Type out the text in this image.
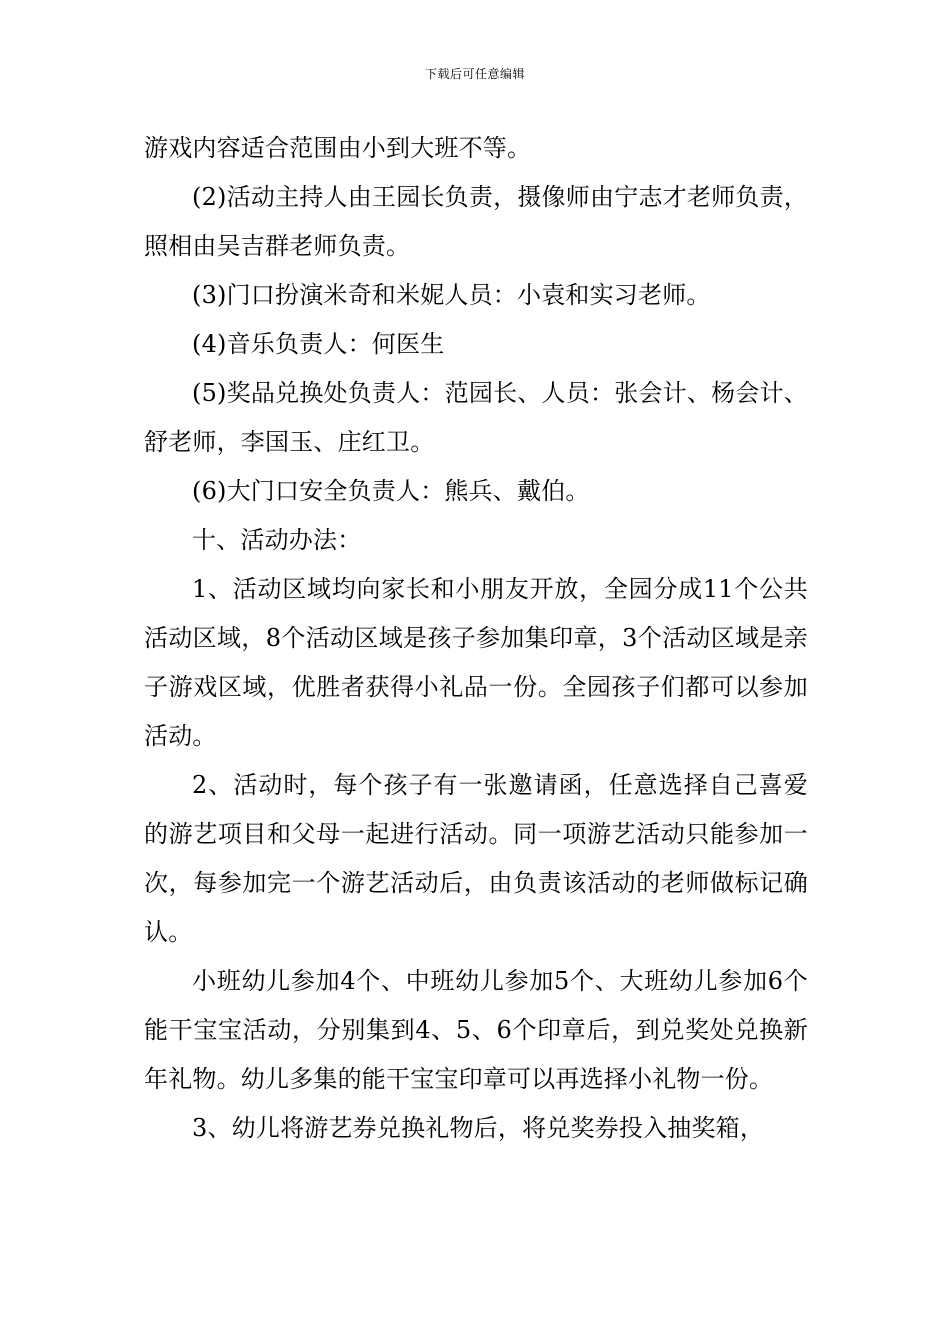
下载后可任意编辑

游戏内容适合范围由小到大班不等。

(2)活动主持人由王园长负责，摄像师由宁志才老师负责，照相由吴吉群老师负责。

(3)门口扮演米奇和米妮人员：小袁和实习老师。

(4)音乐负责人：何医生

(5)奖品兑换处负责人：范园长、人员：张会计、杨会计、舒老师，李国玉、庄红卫。

(6)大门口安全负责人：熊兵、戴伯。

十、活动办法：

1、活动区域均向家长和小朋友开放，全园分成11个公共活动区域，8个活动区域是孩子参加集印章，3个活动区域是亲子游戏区域，优胜者获得小礼品一份。全园孩子们都可以参加活动。

2、活动时，每个孩子有一张邀请函，任意选择自己喜爱的游艺项目和父母一起进行活动。同一项游艺活动只能参加一次，每参加完一个游艺活动后，由负责该活动的老师做标记确认。

小班幼儿参加4个、中班幼儿参加5个、大班幼儿参加6个能干宝宝活动，分别集到4、5、6个印章后，到兑奖处兑换新年礼物。幼儿多集的能干宝宝印章可以再选择小礼物一份。

3、幼儿将游艺券兑换礼物后，将兑奖券投入抽奖箱，
